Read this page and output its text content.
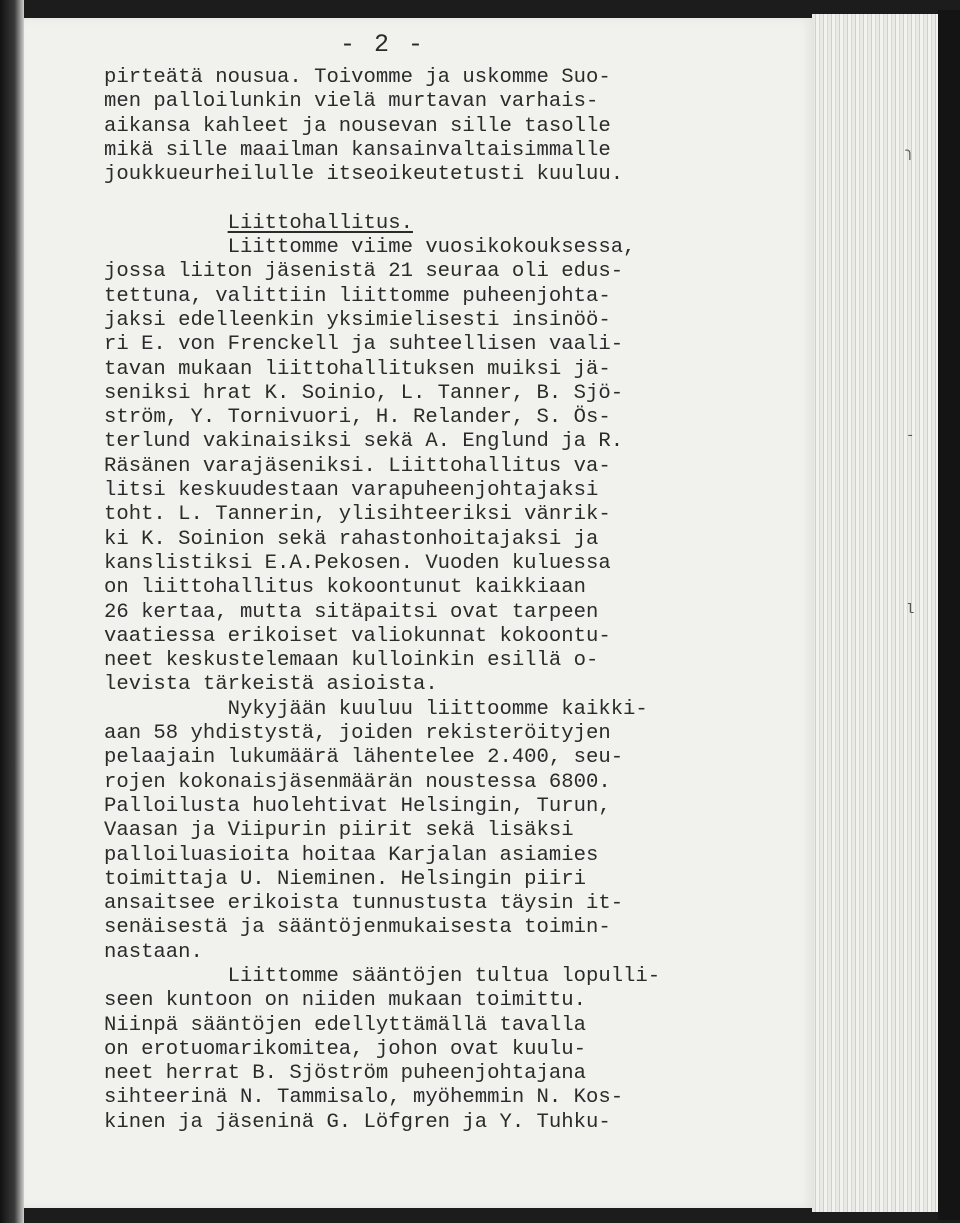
- 2 -
pirteätä nousua. Toivomme ja uskomme Suo-
men palloilunkin vielä murtavan varhais-
aikansa kahleet ja nousevan sille tasolle
mikä sille maailman kansainvaltaisimmalle
joukkueurheilulle itseoikeutetusti kuuluu.
Liittohallitus.
Liittomme viime vuosikokouksessa,
jossa liiton jäsenistä 21 seuraa oli edus-
tettuna, valittiin liittomme puheenjohta-
jaksi edelleenkin yksimielisesti insinöö-
ri E. von Frenckell ja suhteellisen vaali-
tavan mukaan liittohallituksen muiksi jä-
seniksi hrat K. Soinio, L. Tanner, B. Sjö-
ström, Y. Tornivuori, H. Relander, S. Ös-
terlund vakinaisiksi sekä A. Englund ja R.
Räsänen varajäseniksi. Liittohallitus va-
litsi keskuudestaan varapuheenjohtajaksi
toht. L. Tannerin, ylisihteeriksi vänrik-
ki K. Soinion sekä rahastonhoitajaksi ja
kanslistiksi E.A.Pekosen. Vuoden kuluessa
on liittohallitus kokoontunut kaikkiaan
26 kertaa, mutta sitäpaitsi ovat tarpeen
vaatiessa erikoiset valiokunnat kokoontu-
neet keskustelemaan kulloinkin esillä o-
levista tärkeistä asioista.
Nykyjään kuuluu liittoomme kaikki-
aan 58 yhdistystä, joiden rekisteröityjen
pelaajain lukumäärä lähentelee 2.400, seu-
rojen kokonaisjäsenmäärän noustessa 6800.
Palloilusta huolehtivat Helsingin, Turun,
Vaasan ja Viipurin piirit sekä lisäksi
palloiluasioita hoitaa Karjalan asiamies
toimittaja U. Nieminen. Helsingin piiri
ansaitsee erikoista tunnustusta täysin it-
senäisestä ja sääntöjenmukaisesta toimin-
nastaan.
Liittomme sääntöjen tultua lopulli-
seen kuntoon on niiden mukaan toimittu.
Niinpä sääntöjen edellyttämällä tavalla
on erotuomarikomitea, johon ovat kuulu-
neet herrat B. Sjöström puheenjohtajana
sihteerinä N. Tammisalo, myöhemmin N. Kos-
kinen ja jäseninä G. Löfgren ja Y. Tuhku-
ɿ
-
l
